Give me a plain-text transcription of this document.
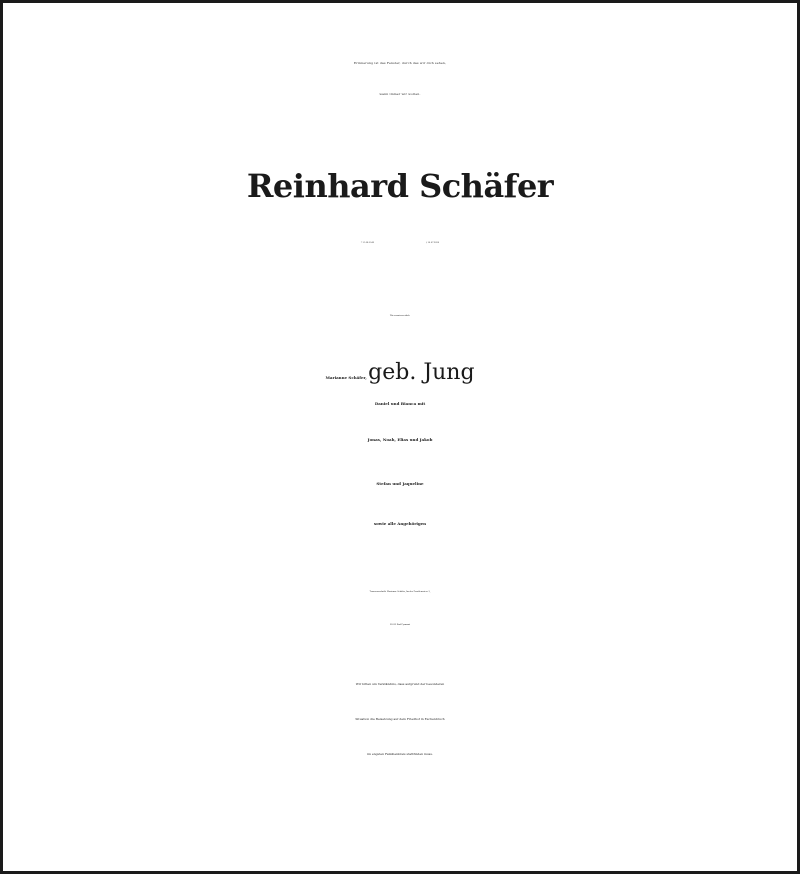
Erinnerung ist das Fenster, durch das wir dich sehen,
wann immer wir wollen.
Reinhard Schäfer
* 15.08.1946	† 14.07.2020
Wir vermissen dich.
Marianne Schäfer, geb. Jung
Daniel und Bianca mit
Jonas, Noah, Elias und Jakob
Stefan und Jaqueline
sowie alle Angehörigen
Traueranschrift: Marianne Schäfer, An der Preußenwiese 3,
31812 Bad Pyrmont
Wir bitten um Verständnis, dass aufgrund der besonderen
Situation die Beisetzung auf dem Friedhof in Eschenbruch
im engsten Familienkreis stattfinden muss.
